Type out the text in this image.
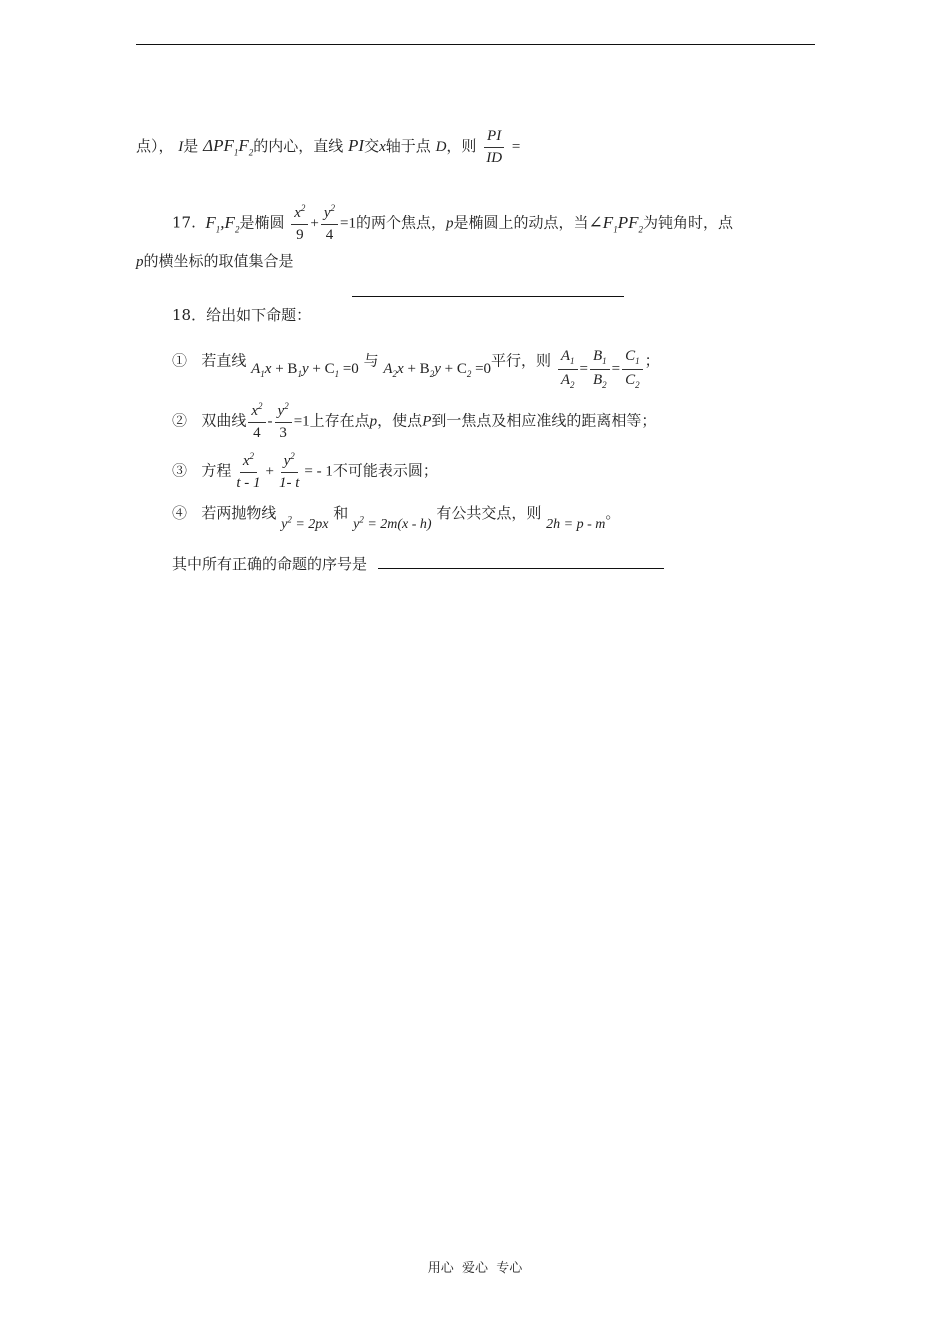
点）， I是 $\Delta PF_1F_2$的内心，直线 PI交x轴于点 D，则 $\frac{PI}{ID}$ =
17. $F_1,F_2$是椭圆 $\frac{x^2}{9} + \frac{y^2}{4} =1$的两个焦点，p是椭圆上的动点，当$\angle F_1PF_2$为钝角时，点
p的横坐标的取值集合是
18．给出如下命题：
① 若直线 $A_1x + B_1y + C_1 =0$ 与 $A_2x + B_2y + C_2 =0$平行，则 $\frac{A_1}{A_2} = \frac{B_1}{B_2} = \frac{C_1}{C_2}$ ；
② 双曲线 $\frac{x^2}{4} - \frac{y^2}{3} =1$上存在点p，使点P到一焦点及相应准线的距离相等；
③ 方程 $\frac{x^2}{t - 1} + \frac{y^2}{1- t}$ = - 1不可能表示圆；
④ 若两抛物线 $y^2 = 2px$ 和 $y^2 = 2m(x - h)$ 有公共交点，则 2h = p - m。
其中所有正确的命题的序号是
用心  爱心  专心
